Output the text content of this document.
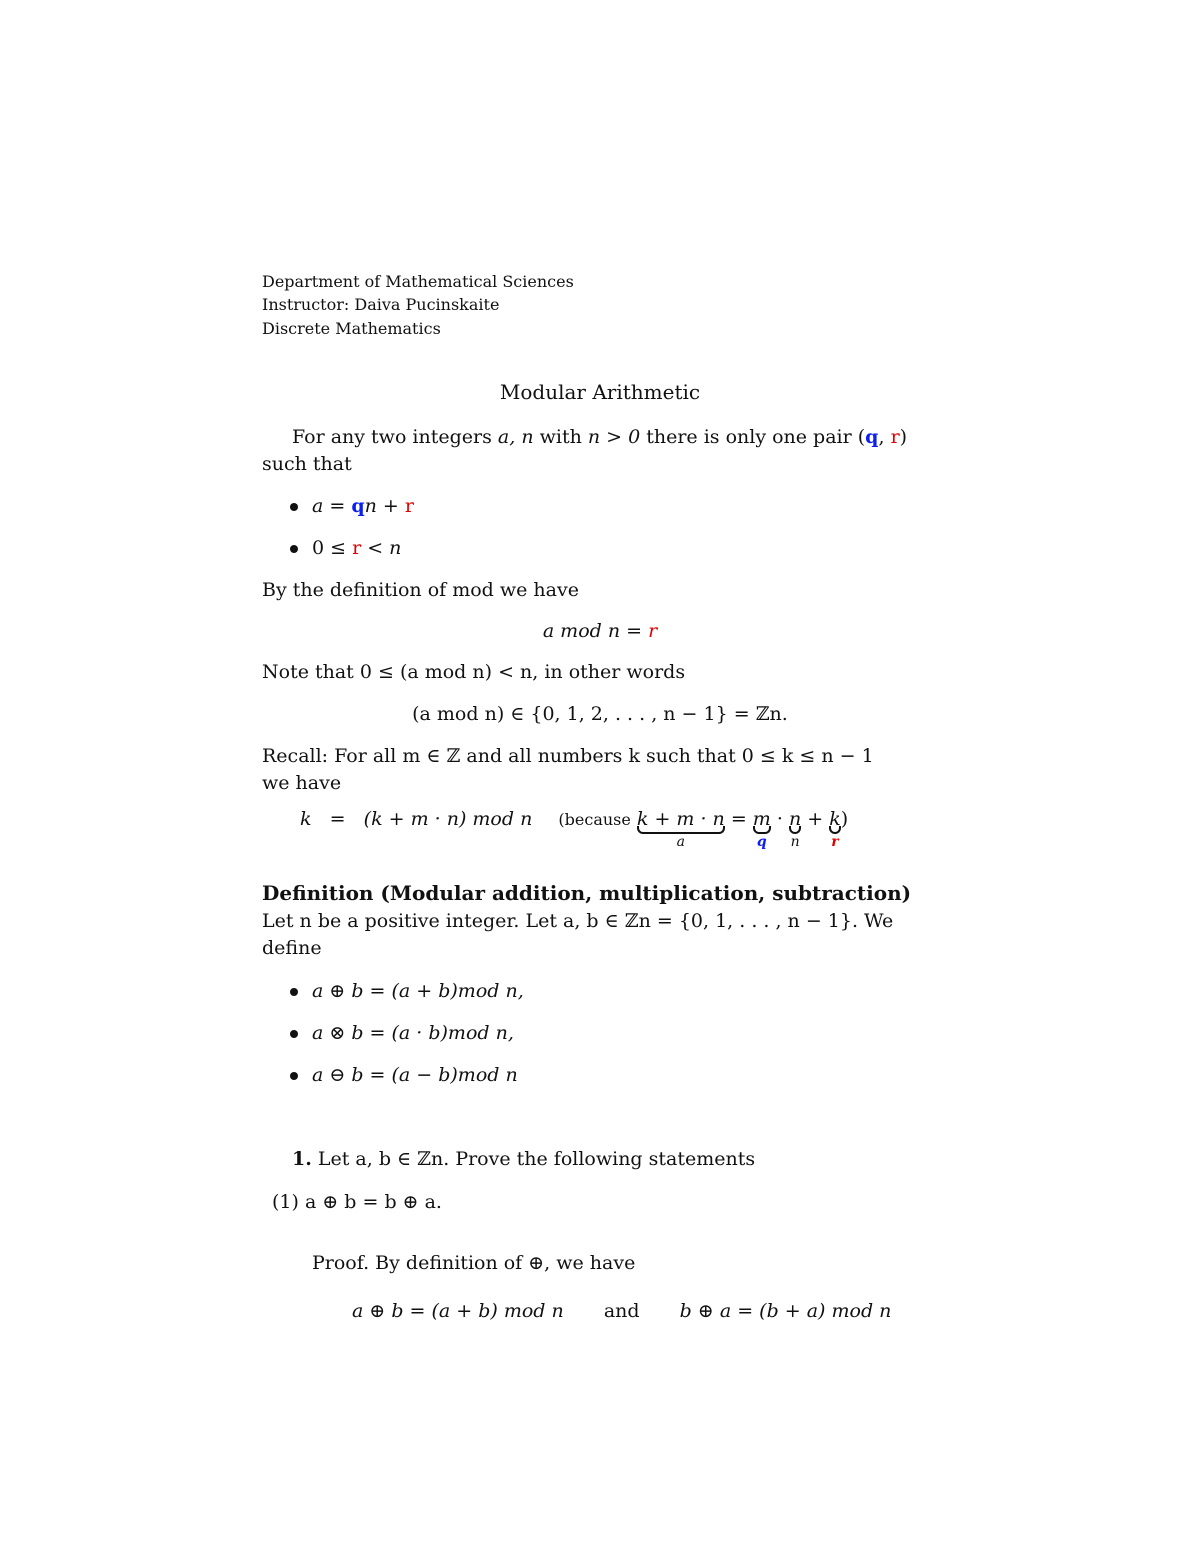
Department of Mathematical Sciences
Instructor: Daiva Pucinskaite
Discrete Mathematics
Modular Arithmetic
For any two integers a, n with n > 0 there is only one pair (q, r)
such that
a = qn + r
0 ≤ r < n
By the definition of mod we have
a mod n = r
Note that 0 ≤ (a mod n) < n, in other words
(a mod n) ∈ {0, 1, 2, . . . , n − 1} = ℤn.
Recall: For all m ∈ ℤ and all numbers k such that 0 ≤ k ≤ n − 1
we have
k   =   (k + m · n) mod n (because k + m · n
a
= m
q
· n
n
+ k
r
)
Definition (Modular addition, multiplication, subtraction)
Let n be a positive integer. Let a, b ∈ ℤn = {0, 1, . . . , n − 1}. We
define
a ⊕ b = (a + b)mod n,
a ⊗ b = (a · b)mod n,
a ⊖ b = (a − b)mod n
1. Let a, b ∈ ℤn. Prove the following statements
(1) a ⊕ b = b ⊕ a.
Proof. By definition of ⊕, we have
a ⊕ b = (a + b) mod n and b ⊕ a = (b + a) mod n
